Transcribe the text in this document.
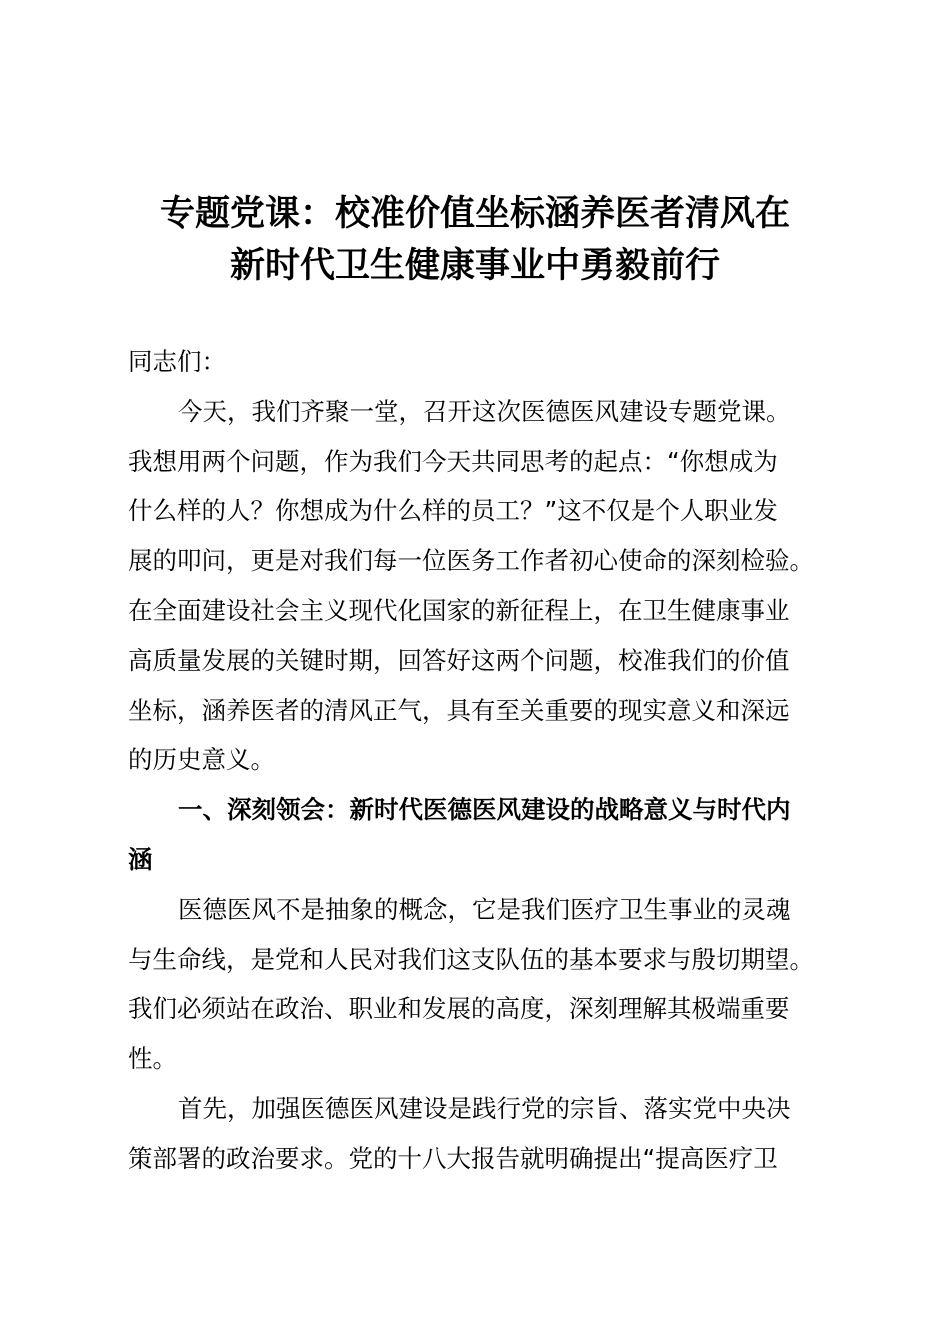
专题党课：校准价值坐标涵养医者清风在
新时代卫生健康事业中勇毅前行
同志们：
今天，我们齐聚一堂，召开这次医德医风建设专题党课。
我想用两个问题，作为我们今天共同思考的起点：“你想成为
什么样的人？你想成为什么样的员工？”这不仅是个人职业发
展的叩问，更是对我们每一位医务工作者初心使命的深刻检验。
在全面建设社会主义现代化国家的新征程上，在卫生健康事业
高质量发展的关键时期，回答好这两个问题，校准我们的价值
坐标，涵养医者的清风正气，具有至关重要的现实意义和深远
的历史意义。
一、深刻领会：新时代医德医风建设的战略意义与时代内
涵
医德医风不是抽象的概念，它是我们医疗卫生事业的灵魂
与生命线，是党和人民对我们这支队伍的基本要求与殷切期望。
我们必须站在政治、职业和发展的高度，深刻理解其极端重要
性。
首先，加强医德医风建设是践行党的宗旨、落实党中央决
策部署的政治要求。党的十八大报告就明确提出“提高医疗卫
